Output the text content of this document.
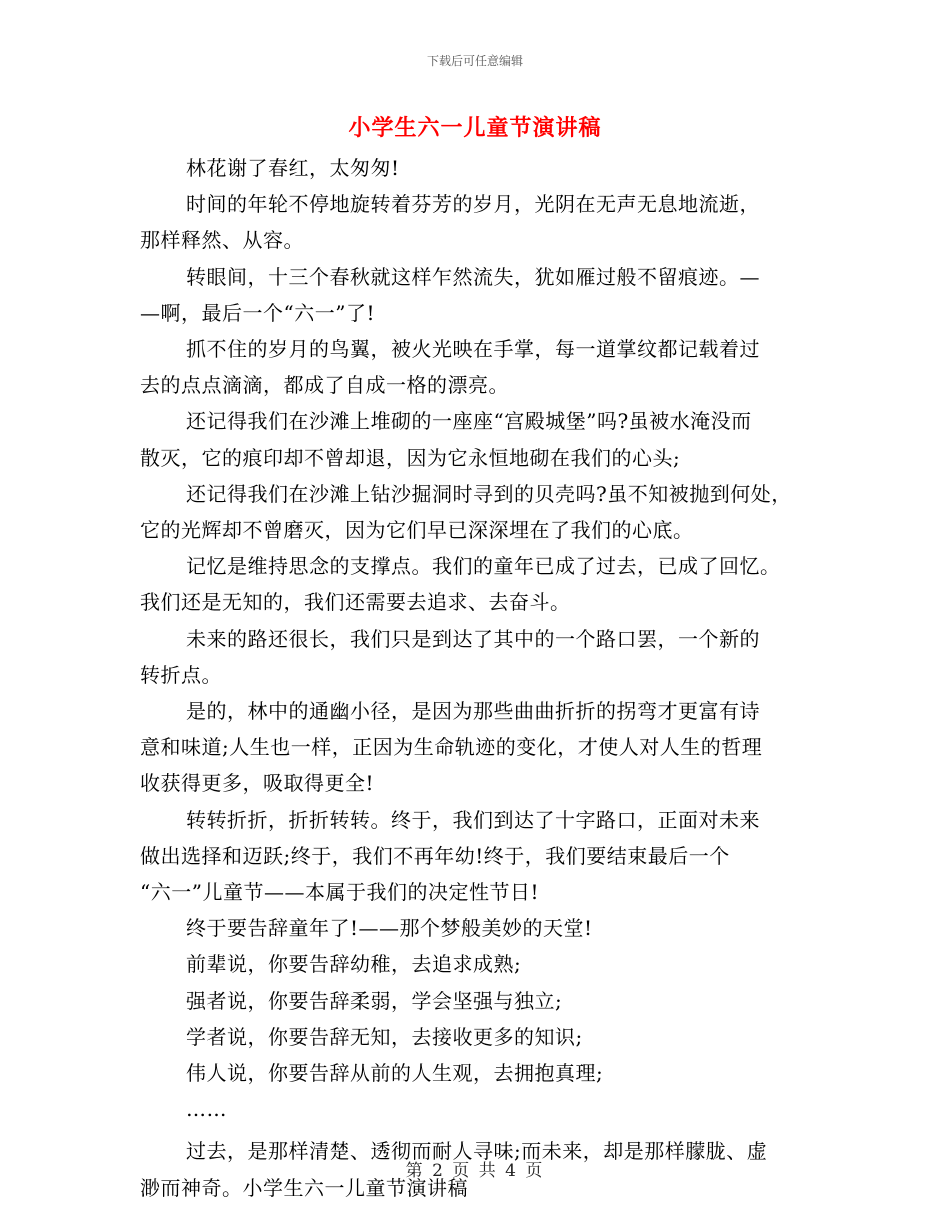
下载后可任意编辑
小学生六一儿童节演讲稿

林花谢了春红，太匆匆!

时间的年轮不停地旋转着芬芳的岁月，光阴在无声无息地流逝，
那样释然、从容。

转眼间，十三个春秋就这样乍然流失，犹如雁过般不留痕迹。—
—啊，最后一个“六一”了!

抓不住的岁月的鸟翼，被火光映在手掌，每一道掌纹都记载着过
去的点点滴滴，都成了自成一格的漂亮。

还记得我们在沙滩上堆砌的一座座“宫殿城堡”吗?虽被水淹没而
散灭，它的痕印却不曾却退，因为它永恒地砌在我们的心头;

还记得我们在沙滩上钻沙掘洞时寻到的贝壳吗?虽不知被抛到何处，
它的光辉却不曾磨灭，因为它们早已深深埋在了我们的心底。

记忆是维持思念的支撑点。我们的童年已成了过去，已成了回忆。
我们还是无知的，我们还需要去追求、去奋斗。

未来的路还很长，我们只是到达了其中的一个路口罢，一个新的
转折点。

是的，林中的通幽小径，是因为那些曲曲折折的拐弯才更富有诗
意和味道;人生也一样，正因为生命轨迹的变化，才使人对人生的哲理
收获得更多，吸取得更全!

转转折折，折折转转。终于，我们到达了十字路口，正面对未来
做出选择和迈跃;终于，我们不再年幼!终于，我们要结束最后一个
“六一”儿童节——本属于我们的决定性节日!

终于要告辞童年了!——那个梦般美妙的天堂!

前辈说，你要告辞幼稚，去追求成熟;

强者说，你要告辞柔弱，学会坚强与独立;

学者说，你要告辞无知，去接收更多的知识;

伟人说，你要告辞从前的人生观，去拥抱真理;

……

过去，是那样清楚、透彻而耐人寻味;而未来，却是那样朦胧、虚
渺而神奇。小学生六一儿童节演讲稿

第 2 页 共 4 页
